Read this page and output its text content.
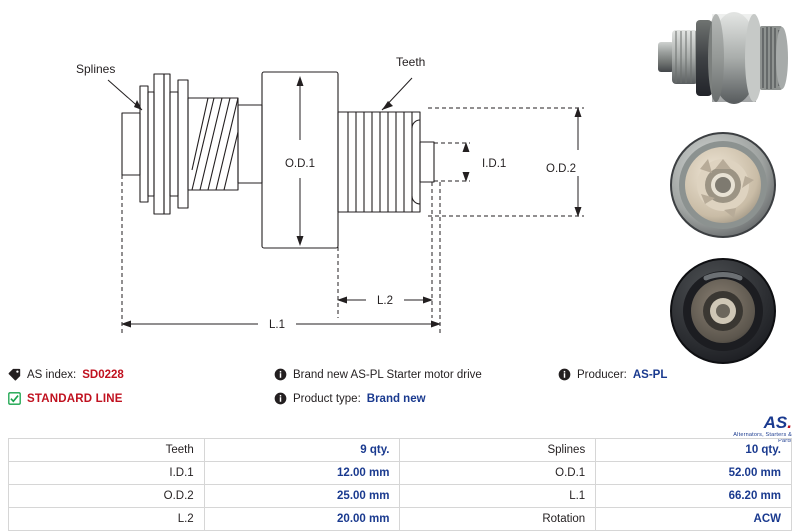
Splines	Teeth
O.D.1	I.D.1	O.D.2
L.2
L.1
AS index: SD0228	Brand new AS-PL Starter motor drive	Producer: AS-PL
STANDARD LINE	Product type: Brand new
AS.
Alternators, Starters & Parts
Teeth	9 qty.	Splines	10 qty.
I.D.1	12.00 mm	O.D.1	52.00 mm
O.D.2	25.00 mm	L.1	66.20 mm
L.2	20.00 mm	Rotation	ACW
